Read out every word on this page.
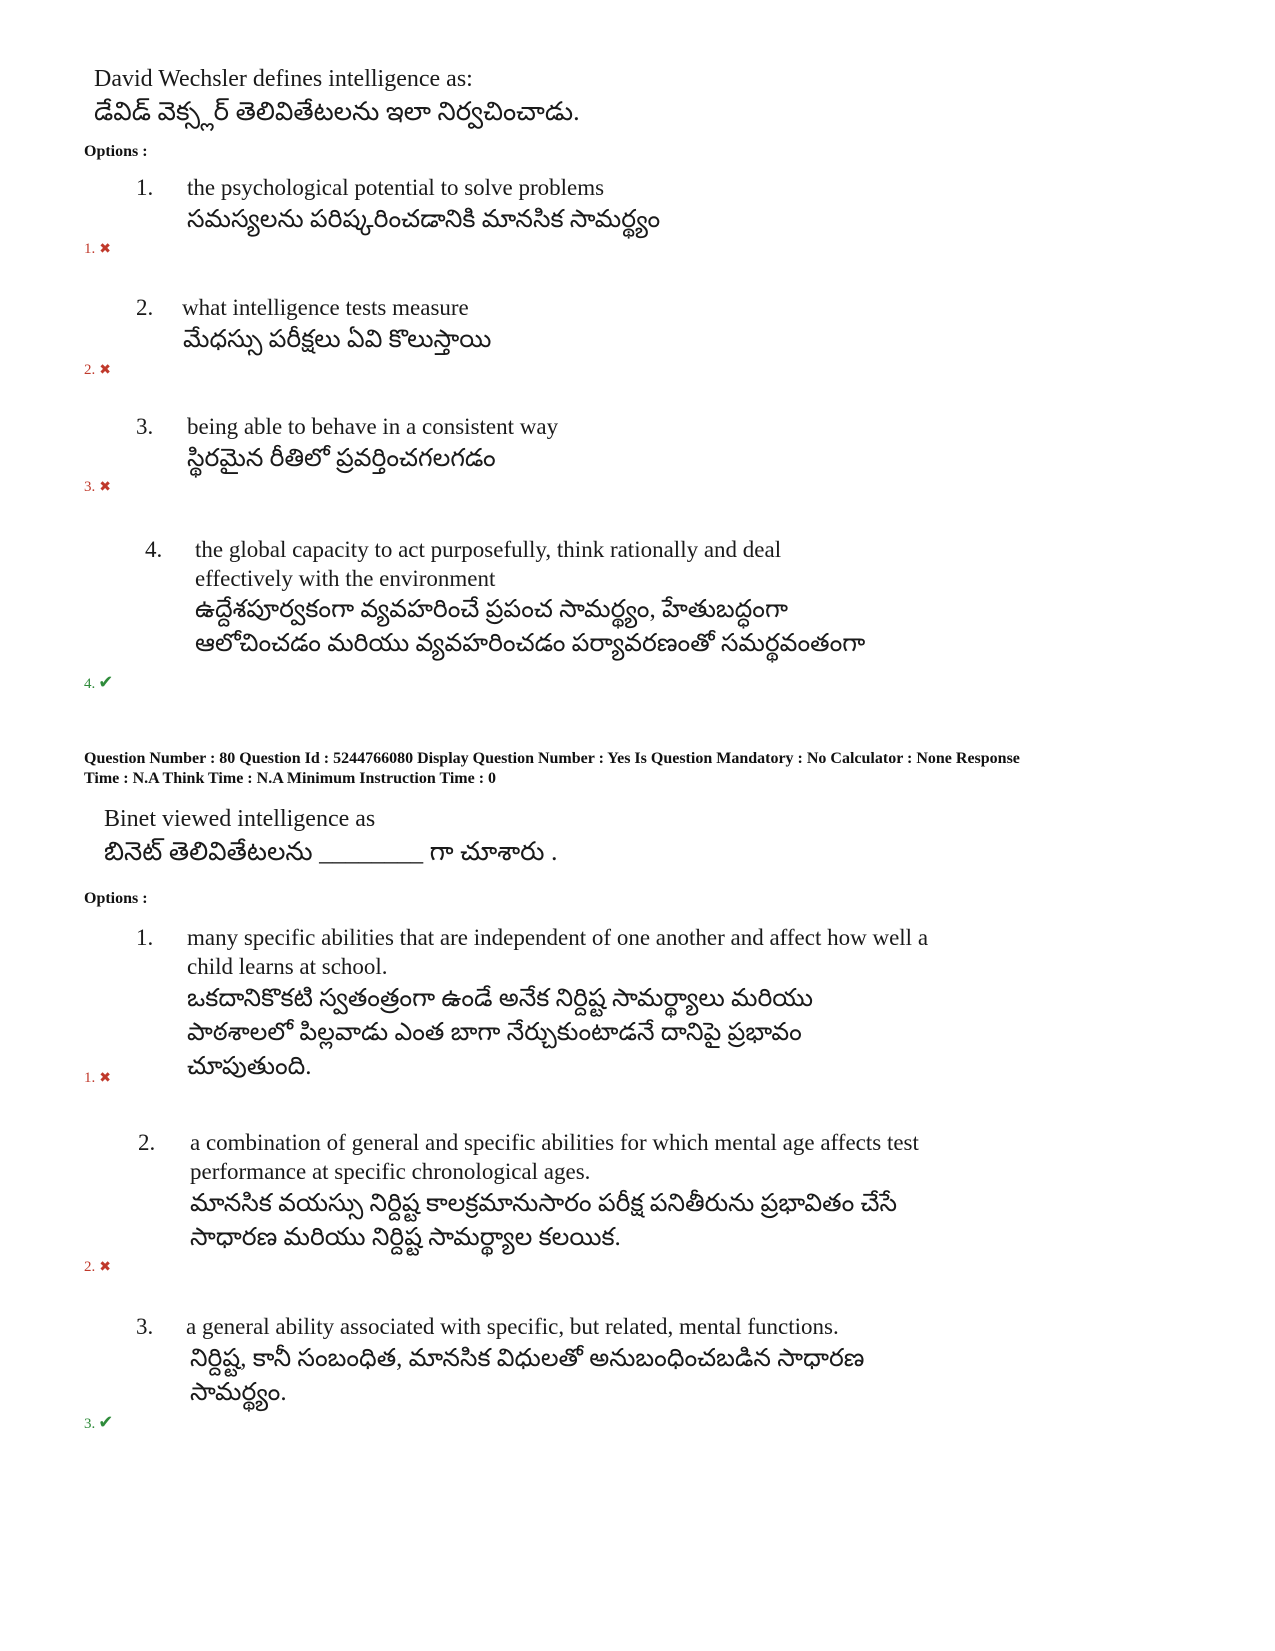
David Wechsler defines intelligence as:
డేవిడ్ వెక్స్లర్ తెలివితేటలను ఇలా నిర్వచించాడు.
Options :
1. the psychological potential to solve problems
సమస్యలను పరిష్కరించడానికి మానసిక సామర్థ్యం
1. ✖
2. what intelligence tests measure
మేధస్సు పరీక్షలు ఏవి కొలుస్తాయి
2. ✖
3. being able to behave in a consistent way
స్థిరమైన రీతిలో ప్రవర్తించగలగడం
3. ✖
4. the global capacity to act purposefully, think rationally and deal
effectively with the environment
ఉద్దేశపూర్వకంగా వ్యవహరించే ప్రపంచ సామర్థ్యం, హేతుబద్ధంగా
ఆలోచించడం మరియు వ్యవహరించడం పర్యావరణంతో సమర్థవంతంగా
4. ✔
Question Number : 80 Question Id : 5244766080 Display Question Number : Yes Is Question Mandatory : No Calculator : None Response
Time : N.A Think Time : N.A Minimum Instruction Time : 0
Binet viewed intelligence as
బినెట్ తెలివితేటలను ________ గా చూశారు .
Options :
1. many specific abilities that are independent of one another and affect how well a
child learns at school.
ఒకదానికొకటి స్వతంత్రంగా ఉండే అనేక నిర్దిష్ట సామర్థ్యాలు మరియు
పాఠశాలలో పిల్లవాడు ఎంత బాగా నేర్చుకుంటాడనే దానిపై ప్రభావం
చూపుతుంది.
1. ✖
2. a combination of general and specific abilities for which mental age affects test
performance at specific chronological ages.
మానసిక వయస్సు నిర్దిష్ట కాలక్రమానుసారం పరీక్ష పనితీరును ప్రభావితం చేసే
సాధారణ మరియు నిర్దిష్ట సామర్థ్యాల కలయిక.
2. ✖
3. a general ability associated with specific, but related, mental functions.
నిర్దిష్ట, కానీ సంబంధిత, మానసిక విధులతో అనుబంధించబడిన సాధారణ
సామర్థ్యం.
3. ✔
